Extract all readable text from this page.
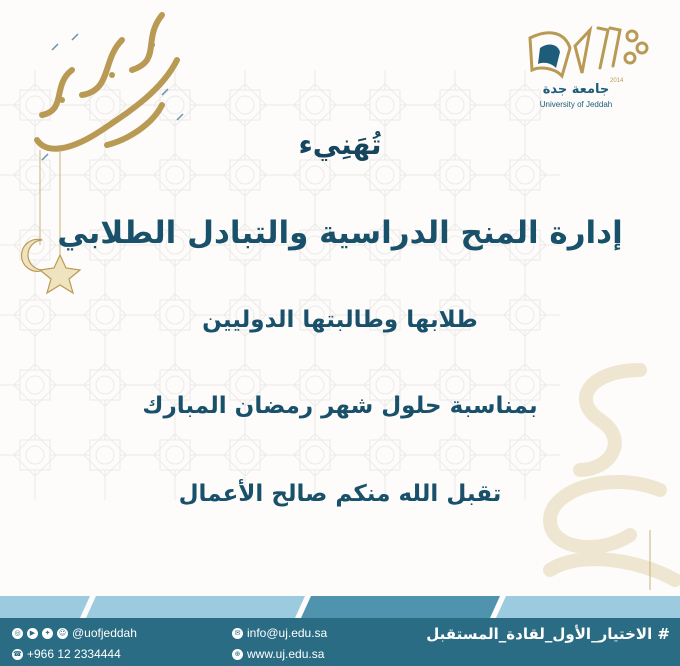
2014
جامعة جدة
University of Jeddah
تُهَنِيء
إدارة المنح الدراسية والتبادل الطلابي
طلابها وطالبتها الدوليين
بمناسبة حلول شهر رمضان المبارك
تقبل الله منكم صالح الأعمال
# الاختيار_الأول_لقادة_المستقبل
◎	▶	✦	☺ @uofjeddah
☎ +966 12 2334444
✉ info@uj.edu.sa
⊕ www.uj.edu.sa
